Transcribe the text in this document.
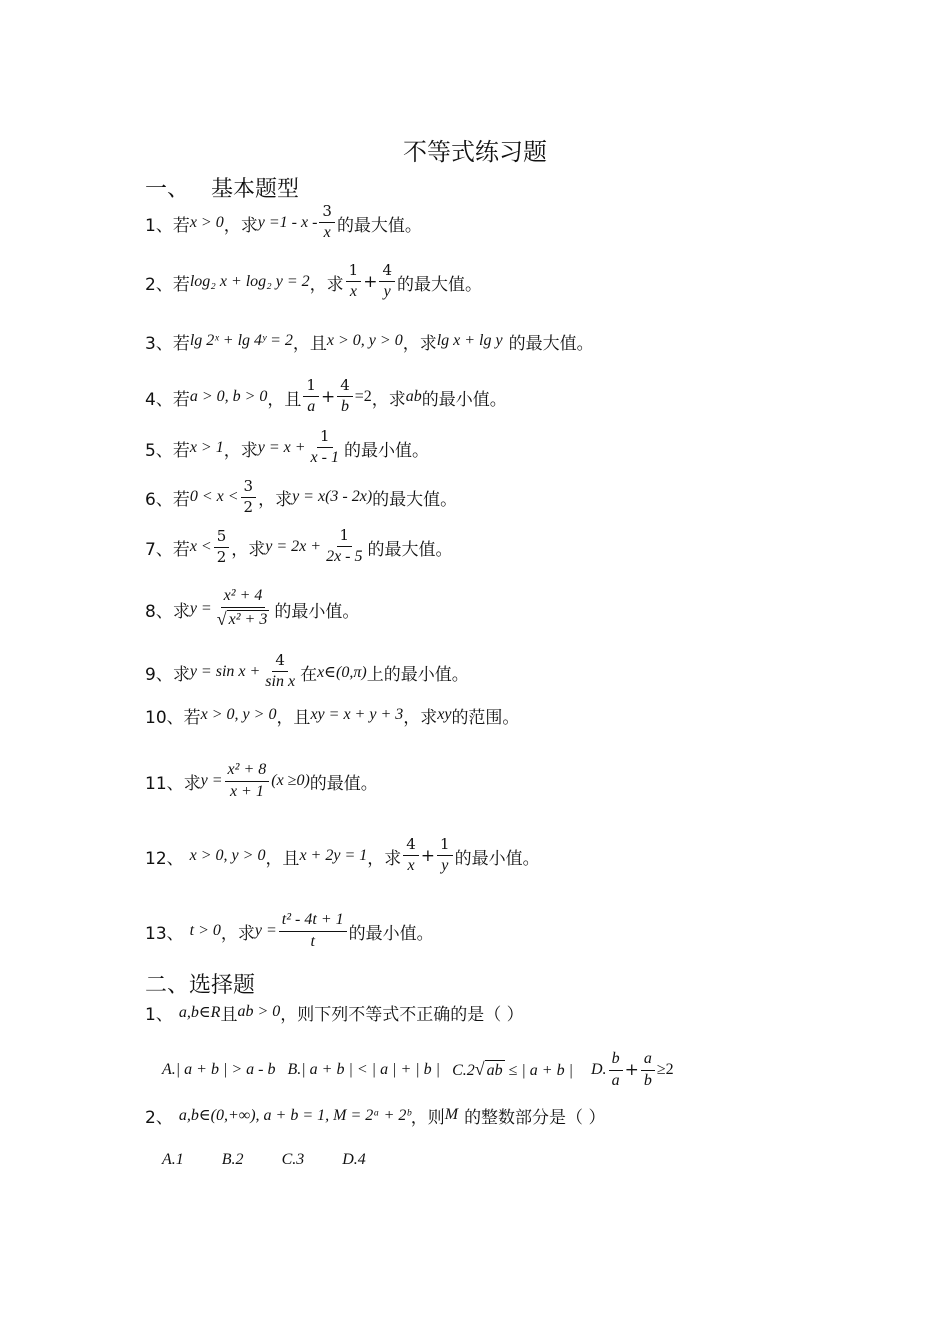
不等式练习题
一、 基本题型
1、 若 x > 0 ，求 $y =1 - x - \frac{3}{x}$ 的最大值。
2、 若 log₂ x + log₂ y = 2 ，求 $\frac{1}{x} + \frac{4}{y}$ 的最大值。
3、 若 lg 2ˣ + lg 4ʸ = 2 ，且 x > 0, y > 0 ，求 lg x + lg y 的最大值。
4、 若 a > 0, b > 0 ，且 $\frac{1}{a} + \frac{4}{b} =2$ ，求 ab 的最小值。
5、 若 x > 1 ，求 $y = x + \frac{1}{x - 1}$ 的最小值。
6、 若 $0 < x < \frac{3}{2}$ ，求 y = x(3 - 2x) 的最大值。
7、 若 $x < \frac{5}{2}$ ，求 $y = 2x + \frac{1}{2x - 5}$ 的最大值。
8、 求 $y = \frac{\text{x² + 4}}{\text{√ x² + 3}}$ 的最小值。
9、 求 $y = \sin x + \frac{4}{\text{sin x}}$ 在 x∈(0,π) 上的最小值。
10、 若 x > 0, y > 0 ，且 xy = x + y + 3 ，求 xy 的范围。
11、 求 $y = \frac{\text{x² + 8}}{x + 1} (x \ge 0)$ 的最值。
12、 x > 0, y > 0 ，且 x + 2y = 1 ，求 $\frac{4}{x} + \frac{1}{y}$ 的最小值。
13、 t > 0 ，求 $y = \frac{\text{t² - 4t + 1}}{t}$ 的最小值。
二、选择题
1、 a,b∈R 且 ab > 0 ，则下列不等式不正确的是（ ）
A.| a + b | > a - b B.| a + b | < | a | + | b | C.2 √ ab ≤ | a + b | D. $\frac{b}{a} + \frac{a}{b} \ge 2$
2、 a,b∈(0,+∞), a + b = 1, M = 2ᵃ + 2ᵇ ，则 M 的整数部分是（ ）
A.1 B.2 C.3 D.4
